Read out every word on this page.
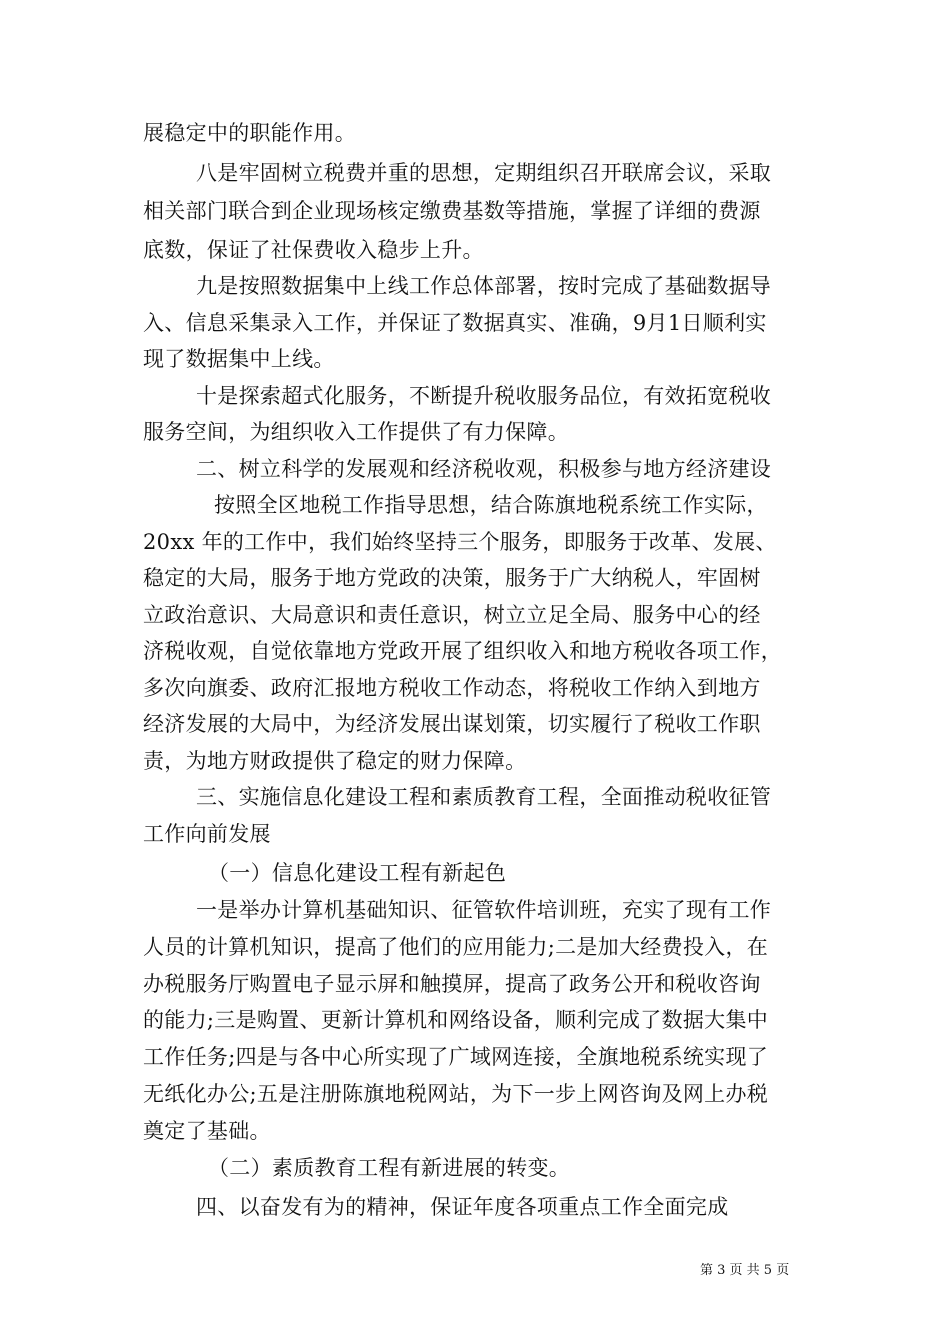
展稳定中的职能作用。
八是牢固树立税费并重的思想，定期组织召开联席会议，采取
相关部门联合到企业现场核定缴费基数等措施，掌握了详细的费源
底数，保证了社保费收入稳步上升。
九是按照数据集中上线工作总体部署，按时完成了基础数据导
入、信息采集录入工作，并保证了数据真实、准确，9月1日顺利实
现了数据集中上线。
十是探索超式化服务，不断提升税收服务品位，有效拓宽税收
服务空间，为组织收入工作提供了有力保障。
二、树立科学的发展观和经济税收观，积极参与地方经济建设
按照全区地税工作指导思想，结合陈旗地税系统工作实际，
20xx 年的工作中，我们始终坚持三个服务，即服务于改革、发展、
稳定的大局，服务于地方党政的决策，服务于广大纳税人，牢固树
立政治意识、大局意识和责任意识，树立立足全局、服务中心的经
济税收观，自觉依靠地方党政开展了组织收入和地方税收各项工作，
多次向旗委、政府汇报地方税收工作动态，将税收工作纳入到地方
经济发展的大局中，为经济发展出谋划策，切实履行了税收工作职
责，为地方财政提供了稳定的财力保障。
三、实施信息化建设工程和素质教育工程，全面推动税收征管
工作向前发展
（一）信息化建设工程有新起色
一是举办计算机基础知识、征管软件培训班，充实了现有工作
人员的计算机知识，提高了他们的应用能力;二是加大经费投入，在
办税服务厅购置电子显示屏和触摸屏，提高了政务公开和税收咨询
的能力;三是购置、更新计算机和网络设备，顺利完成了数据大集中
工作任务;四是与各中心所实现了广域网连接，全旗地税系统实现了
无纸化办公;五是注册陈旗地税网站，为下一步上网咨询及网上办税
奠定了基础。
（二）素质教育工程有新进展的转变。
四、以奋发有为的精神，保证年度各项重点工作全面完成
第 3 页 共 5 页
